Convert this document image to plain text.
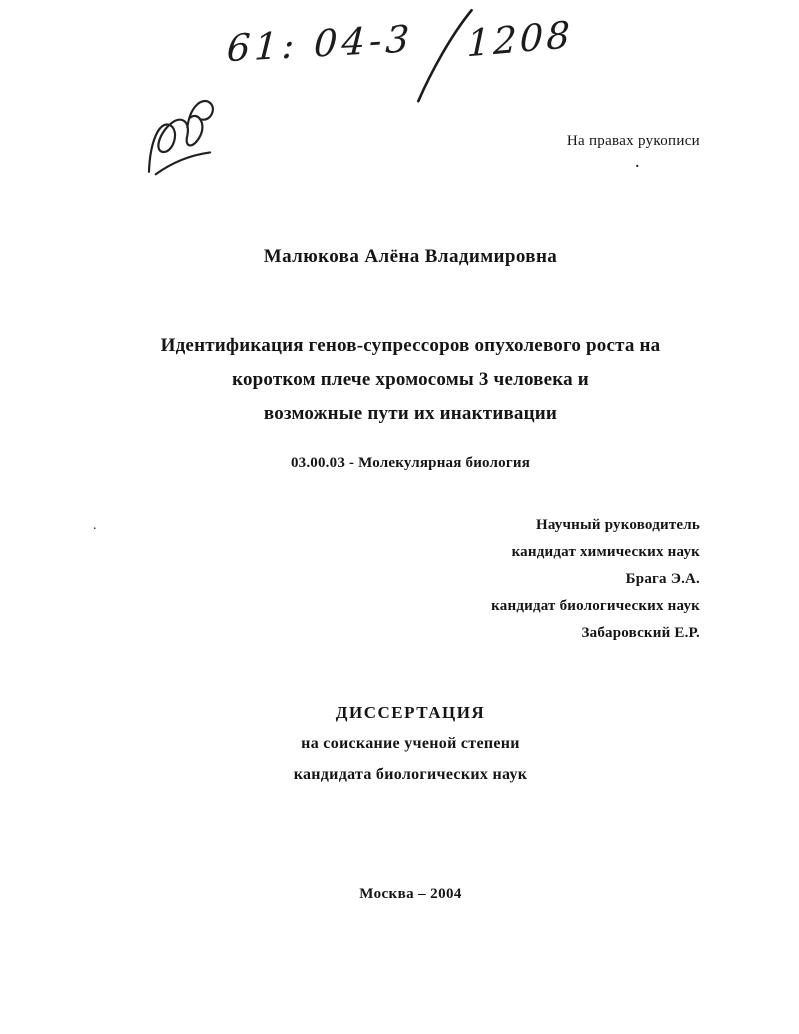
61: 04-3 1208
На правах рукописи
.
.
Малюкова Алёна Владимировна
Идентификация генов-супрессоров опухолевого роста на
коротком плече хромосомы 3 человека и
возможные пути их инактивации
03.00.03 - Молекулярная биология
Научный руководитель
кандидат химических наук
Брага Э.А.
кандидат биологических наук
Забаровский Е.Р.
ДИССЕРТАЦИЯ
на соискание ученой степени
кандидата биологических наук
Москва – 2004
